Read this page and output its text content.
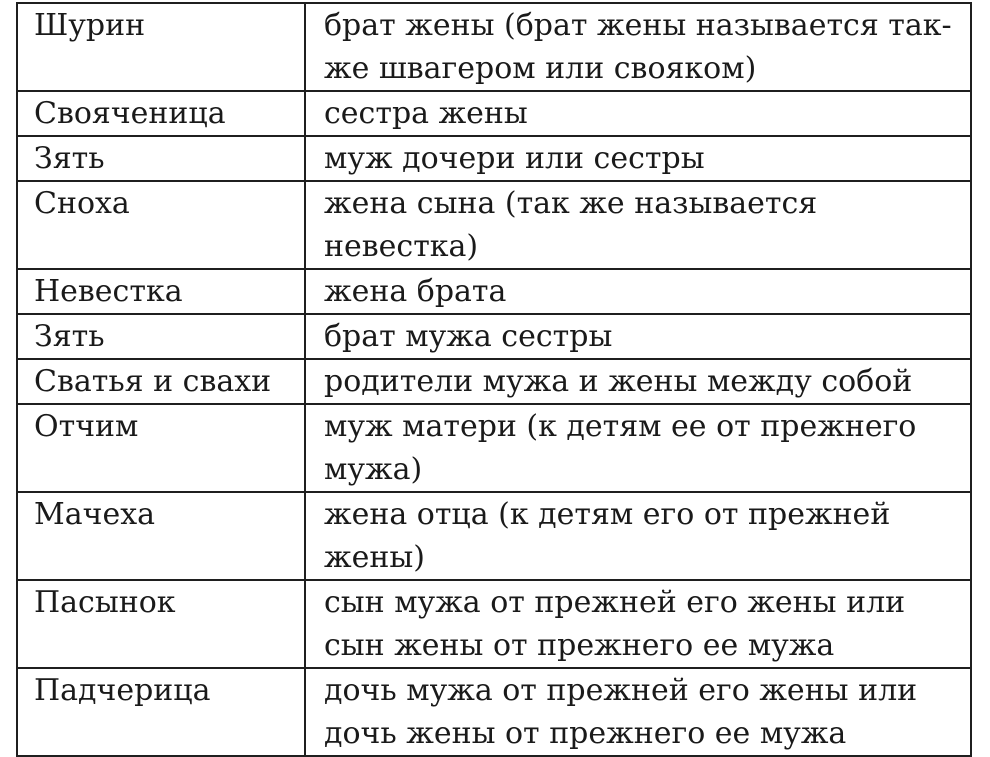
Шурин	брат жены (брат жены называется так-
же швагером или свояком)

Свояченица	сестра жены

Зять	муж дочери или сестры

Сноха	жена сына (так же называется
невестка)

Невестка	жена брата

Зять	брат мужа сестры

Сватья и свахи	родители мужа и жены между собой

Отчим	муж матери (к детям ее от прежнего
мужа)

Мачеха	жена отца (к детям его от прежней
жены)

Пасынок	сын мужа от прежней его жены или
сын жены от прежнего ее мужа

Падчерица	дочь мужа от прежней его жены или
дочь жены от прежнего ее мужа
